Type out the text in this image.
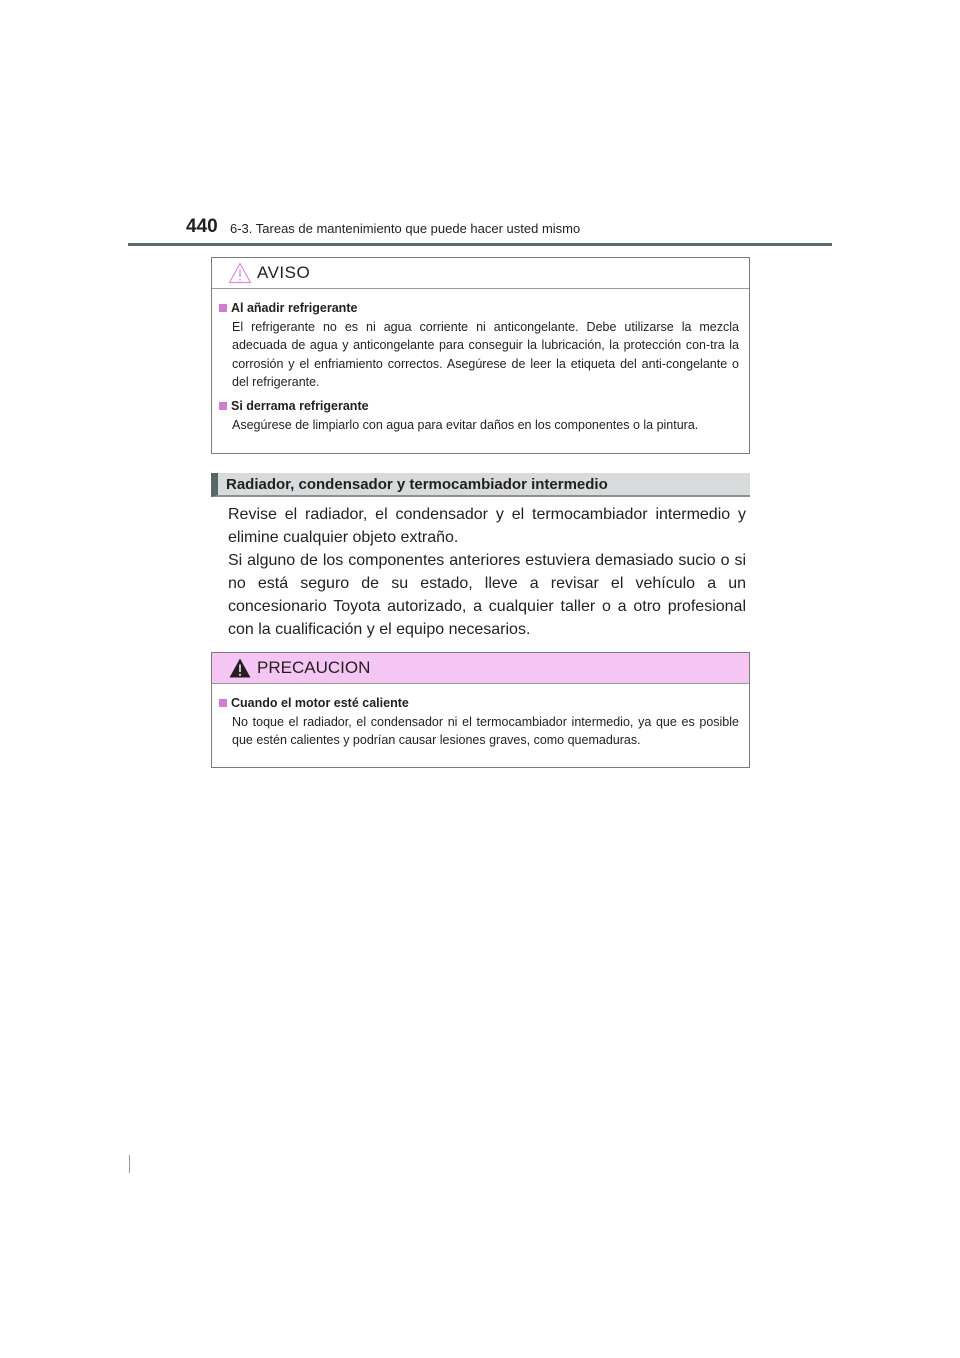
440 6-3. Tareas de mantenimiento que puede hacer usted mismo
AVISO
Al añadir refrigerante
El refrigerante no es ni agua corriente ni anticongelante. Debe utilizarse la mezcla adecuada de agua y anticongelante para conseguir la lubricación, la protección con-tra la corrosión y el enfriamiento correctos. Asegúrese de leer la etiqueta del anti-congelante o del refrigerante.
Si derrama refrigerante
Asegúrese de limpiarlo con agua para evitar daños en los componentes o la pintura.
Radiador, condensador y termocambiador intermedio

Revise el radiador, el condensador y el termocambiador intermedio y elimine cualquier objeto extraño.

Si alguno de los componentes anteriores estuviera demasiado sucio o si no está seguro de su estado, lleve a revisar el vehículo a un concesionario Toyota autorizado, a cualquier taller o a otro profesional con la cualificación y el equipo necesarios.

PRECAUCION
Cuando el motor esté caliente
No toque el radiador, el condensador ni el termocambiador intermedio, ya que es posible que estén calientes y podrían causar lesiones graves, como quemaduras.
